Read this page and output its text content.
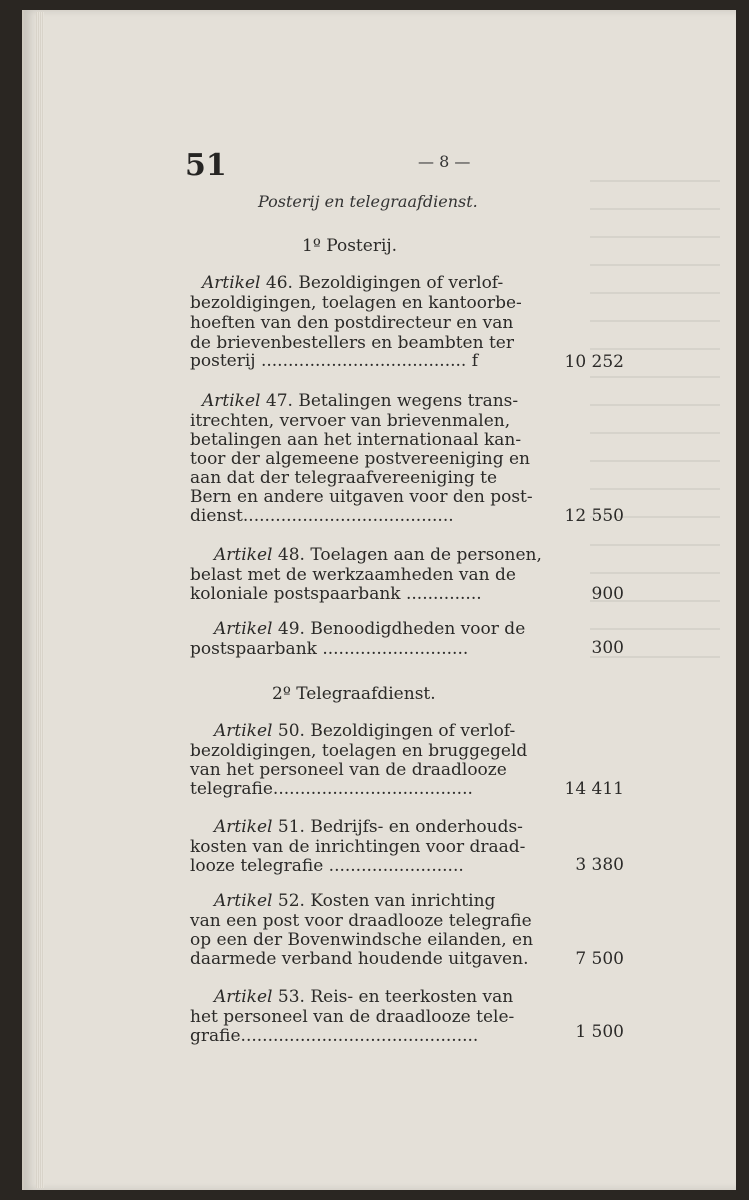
51	— 8 —
Posterij en telegraafdienst.
1º Posterij.
Artikel 46. Bezoldigingen of verlof-
bezoldigingen, toelagen en kantoorbe-
hoeften van den postdirecteur en van
de brievenbestellers en beambten ter
posterij ...................................... f	10 252
Artikel 47. Betalingen wegens trans-
itrechten, vervoer van brievenmalen,
betalingen aan het internationaal kan-
toor der algemeene postvereeniging en
aan dat der telegraafvereeniging te
Bern en andere uitgaven voor den post-
dienst.......................................	12 550
Artikel 48. Toelagen aan de personen,
belast met de werkzaamheden van de
koloniale postspaarbank ..............	900
Artikel 49. Benoodigdheden voor de
postspaarbank ...........................	300
2º Telegraafdienst.
Artikel 50. Bezoldigingen of verlof-
bezoldigingen, toelagen en bruggegeld
van het personeel van de draadlooze
telegrafie.....................................	14 411
Artikel 51. Bedrijfs- en onderhouds-
kosten van de inrichtingen voor draad-
looze telegrafie .........................	3 380
Artikel 52. Kosten van inrichting
van een post voor draadlooze telegrafie
op een der Bovenwindsche eilanden, en
daarmede verband houdende uitgaven.	7 500
Artikel 53. Reis- en teerkosten van
het personeel van de draadlooze tele-
grafie............................................	1 500
